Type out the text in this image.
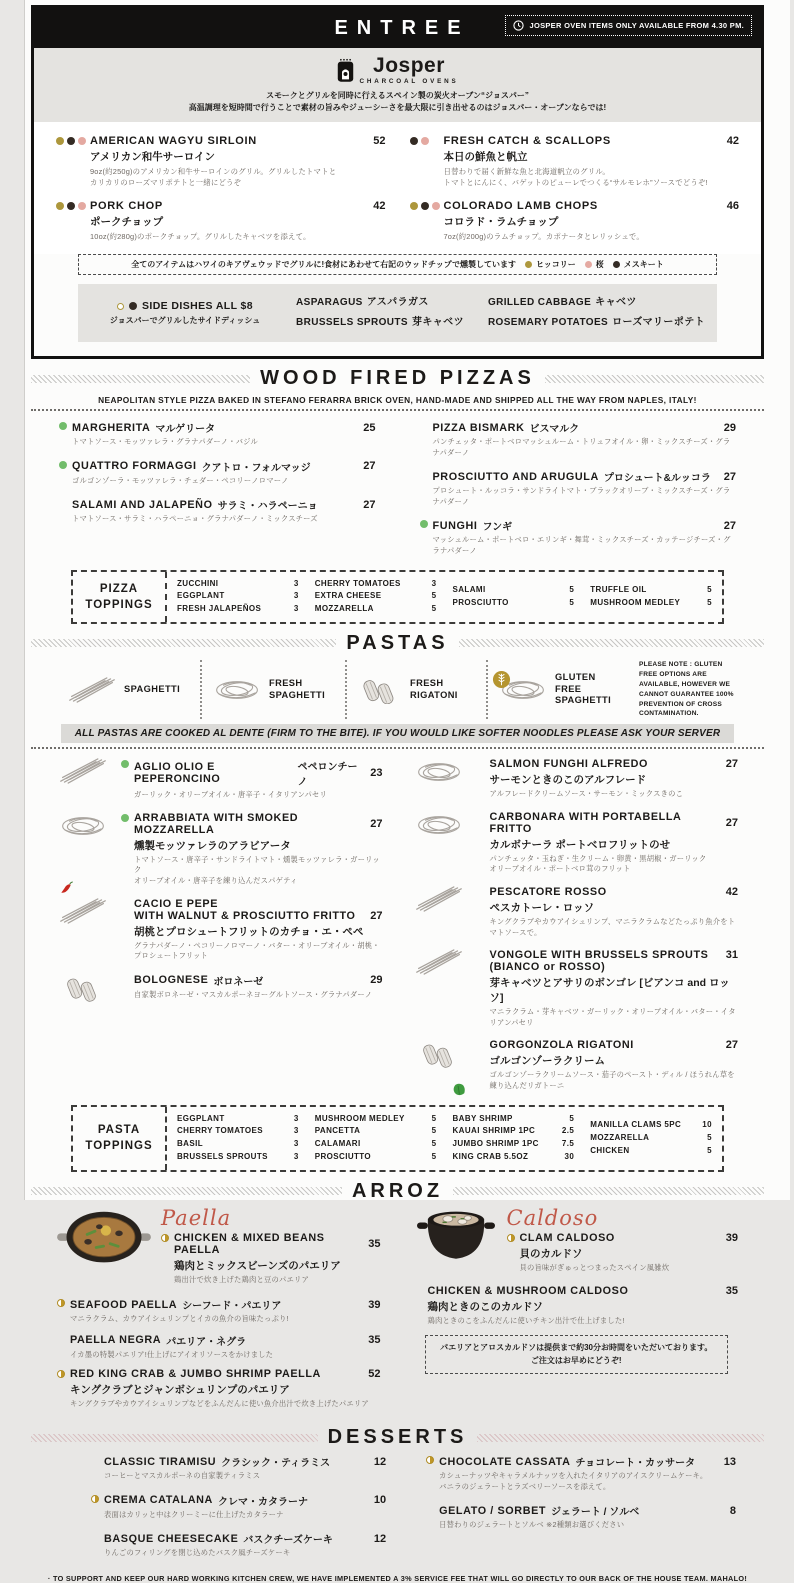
ENTREE	JOSPER OVEN ITEMS ONLY AVAILABLE FROM 4.30 PM.
Josper
CHARCOAL OVENS
スモークとグリルを同時に行えるスペイン製の炭火オーブン“ジョスパー”
高温調理を短時間で行うことで素材の旨みやジューシーさを最大限に引き出せるのはジョスパー・オーブンならでは!
AMERICAN WAGYU SIRLOIN	52
アメリカン和牛サーロイン
9oz(約250g)のアメリカン和牛サーロインのグリル。グリルしたトマトと
カリカリのローズマリポテトと一緒にどうぞ
PORK CHOP	42
ポークチョップ
10oz(約280g)のポークチョップ。グリルしたキャベツを添えて。
FRESH CATCH & SCALLOPS	42
本日の鮮魚と帆立
日替わりで届く新鮮な魚と北海道帆立のグリル。
トマトとにんにく、バゲットのピューレでつくる“サルモレホ”ソースでどうぞ!
COLORADO LAMB CHOPS	46
コロラド・ラムチョップ
7oz(約200g)のラムチョップ。カポナータとレリッシュで。
全てのアイテムはハワイのキアヴェウッドでグリルに!食材にあわせて右記のウッドチップで燻製しています	ヒッコリー	桜	メスキート
SIDE DISHES ALL $8
ジョスパーでグリルしたサイドディッシュ
ASPARAGUS アスパラガス
BRUSSELS SPROUTS 芽キャベツ
GRILLED CABBAGE キャベツ
ROSEMARY POTATOES ローズマリーポテト
WOOD FIRED PIZZAS
NEAPOLITAN STYLE PIZZA BAKED IN STEFANO FERARRA BRICK OVEN, HAND-MADE AND SHIPPED ALL THE WAY FROM NAPLES, ITALY!
MARGHERITA マルゲリータ	25
トマトソース・モッツァレラ・グラナパダーノ・バジル
QUATTRO FORMAGGI クアトロ・フォルマッジ	27
ゴルゴンゾーラ・モッツァレラ・チェダー・ペコリーノロマーノ
SALAMI AND JALAPEÑO サラミ・ハラペーニョ	27
トマトソース・サラミ・ハラペーニョ・グラナパダーノ・ミックスチーズ
PIZZA BISMARK ビスマルク	29
パンチェッタ・ポートベロマッシュルーム・トリュフオイル・卵・ミックスチーズ・グラナパダーノ
PROSCIUTTO AND ARUGULA プロシュート&ルッコラ 27
プロシュート・ルッコラ・サンドライトマト・ブラックオリーブ・ミックスチーズ・グラナパダーノ
FUNGHI フンギ	27
マッシュルーム・ポートベロ・エリンギ・舞茸・ミックスチーズ・カッテージチーズ・グラナパダーノ
PIZZA TOPPINGS
ZUCCHINI	3
EGGPLANT	3
FRESH JALAPEÑOS	3
CHERRY TOMATOES	3
EXTRA CHEESE	5
MOZZARELLA	5
SALAMI	5
PROSCIUTTO	5
TRUFFLE OIL	5
MUSHROOM MEDLEY	5
PASTAS
SPAGHETTI
FRESH SPAGHETTI
FRESH RIGATONI
GLUTEN FREE SPAGHETTI
PLEASE NOTE : GLUTEN FREE OPTIONS ARE AVAILABLE, HOWEVER WE CANNOT GUARANTEE 100% PREVENTION OF CROSS CONTAMINATION.
ALL PASTAS ARE COOKED AL DENTE (FIRM TO THE BITE). IF YOU WOULD LIKE SOFTER NOODLES PLEASE ASK YOUR SERVER
AGLIO OLIO E PEPERONCINO
ペペロンチーノ
23
ガーリック・オリーブオイル・唐辛子・イタリアンパセリ
ARRABBIATA WITH SMOKED MOZZARELLA	27
燻製モッツァレラのアラビアータ
トマトソース・唐辛子・サンドライトマト・燻製モッツァレラ・ガーリック
オリーブオイル・唐辛子を練り込んだスパゲティ
CACIO E PEPE
WITH WALNUT & PROSCIUTTO FRITTO 27
胡桃とプロシュートフリットのカチョ・エ・ペペ
グラナパダーノ・ペコリーノロマーノ・バター・オリーブオイル・胡桃・プロシュートフリット
BOLOGNESE ボロネーゼ	29
自家製ボロネーゼ・マスカルポーネヨーグルトソース・グラナパダーノ
SALMON FUNGHI ALFREDO	27
サーモンときのこのアルフレード
アルフレードクリームソース・サーモン・ミックスきのこ
CARBONARA WITH PORTABELLA FRITTO	27
カルボナーラ ポートベロフリットのせ
パンチェッタ・玉ねぎ・生クリーム・卵黄・黒胡椒・ガーリック
オリーブオイル・ポートベロ茸のフリット
PESCATORE ROSSO	42
ペスカトーレ・ロッソ
キングクラブやカウアイシュリンプ、マニラクラムなどたっぷり魚介をトマトソースで。
VONGOLE WITH BRUSSELS SPROUTS 31
(BIANCO or ROSSO)
芽キャベツとアサリのボンゴレ [ビアンコ and ロッソ]
マニラクラム・芽キャベツ・ガーリック・オリーブオイル・バター・イタリアンパセリ
GORGONZOLA RIGATONI	27
ゴルゴンゾーラクリーム
ゴルゴンゾーラクリームソース・茄子のペースト・ディル / ほうれん草を練り込んだリガトーニ
PASTA TOPPINGS
EGGPLANT	3
CHERRY TOMATOES	3
BASIL	3
BRUSSELS SPROUTS	3
MUSHROOM MEDLEY	5
PANCETTA	5
CALAMARI	5
PROSCIUTTO	5
BABY SHRIMP	5
KAUAI SHRIMP 1PC	2.5
JUMBO SHRIMP 1PC	7.5
KING CRAB 5.5OZ	30
MANILLA CLAMS 5PC	10
MOZZARELLA	5
CHICKEN	5
ARROZ
Paella
CHICKEN & MIXED BEANS PAELLA	35
鶏肉とミックスビーンズのパエリア
鶏出汁で炊き上げた鶏肉と豆のパエリア
SEAFOOD PAELLA シーフード・パエリア	39
マニラクラム、カウアイシュリンプとイカの魚介の旨味たっぷり!
PAELLA NEGRA パエリア・ネグラ	35
イカ墨の特製パエリア!仕上げにアイオリソースをかけました
RED KING CRAB & JUMBO SHRIMP PAELLA	52
キングクラブとジャンボシュリンプのパエリア
キングクラブやカウアイシュリンプなどをふんだんに使い魚介出汁で炊き上げたパエリア
Caldoso
CLAM CALDOSO	39
貝のカルドソ
貝の旨味がぎゅっとつまったスペイン風雑炊
CHICKEN & MUSHROOM CALDOSO	35
鶏肉ときのこのカルドソ
鶏肉ときのこをふんだんに使いチキン出汁で仕上げました!
パエリアとアロスカルドソは提供まで約30分お時間をいただいております。
ご注文はお早めにどうぞ!
DESSERTS
CLASSIC TIRAMISU クラシック・ティラミス	12
コーヒーとマスカルポーネの自家製ティラミス
CREMA CATALANA クレマ・カタラーナ	10
表面はカリッと中はクリーミーに仕上げたカタラーナ
BASQUE CHEESECAKE バスクチーズケーキ	12
りんごのフィリングを閉じ込めたバスク風チーズケーキ
CHOCOLATE CASSATA チョコレート・カッサータ	13
カシューナッツやキャラメルナッツを入れたイタリアのアイスクリームケーキ。
バニラのジェラートとラズベリーソースを添えて。
GELATO / SORBET ジェラート / ソルベ	8
日替わりのジェラートとソルベ ※2種類お選びください
· TO SUPPORT AND KEEP OUR HARD WORKING KITCHEN CREW, WE HAVE IMPLEMENTED A 3% SERVICE FEE THAT WILL GO DIRECTLY TO OUR BACK OF THE HOUSE TEAM. MAHALO!
